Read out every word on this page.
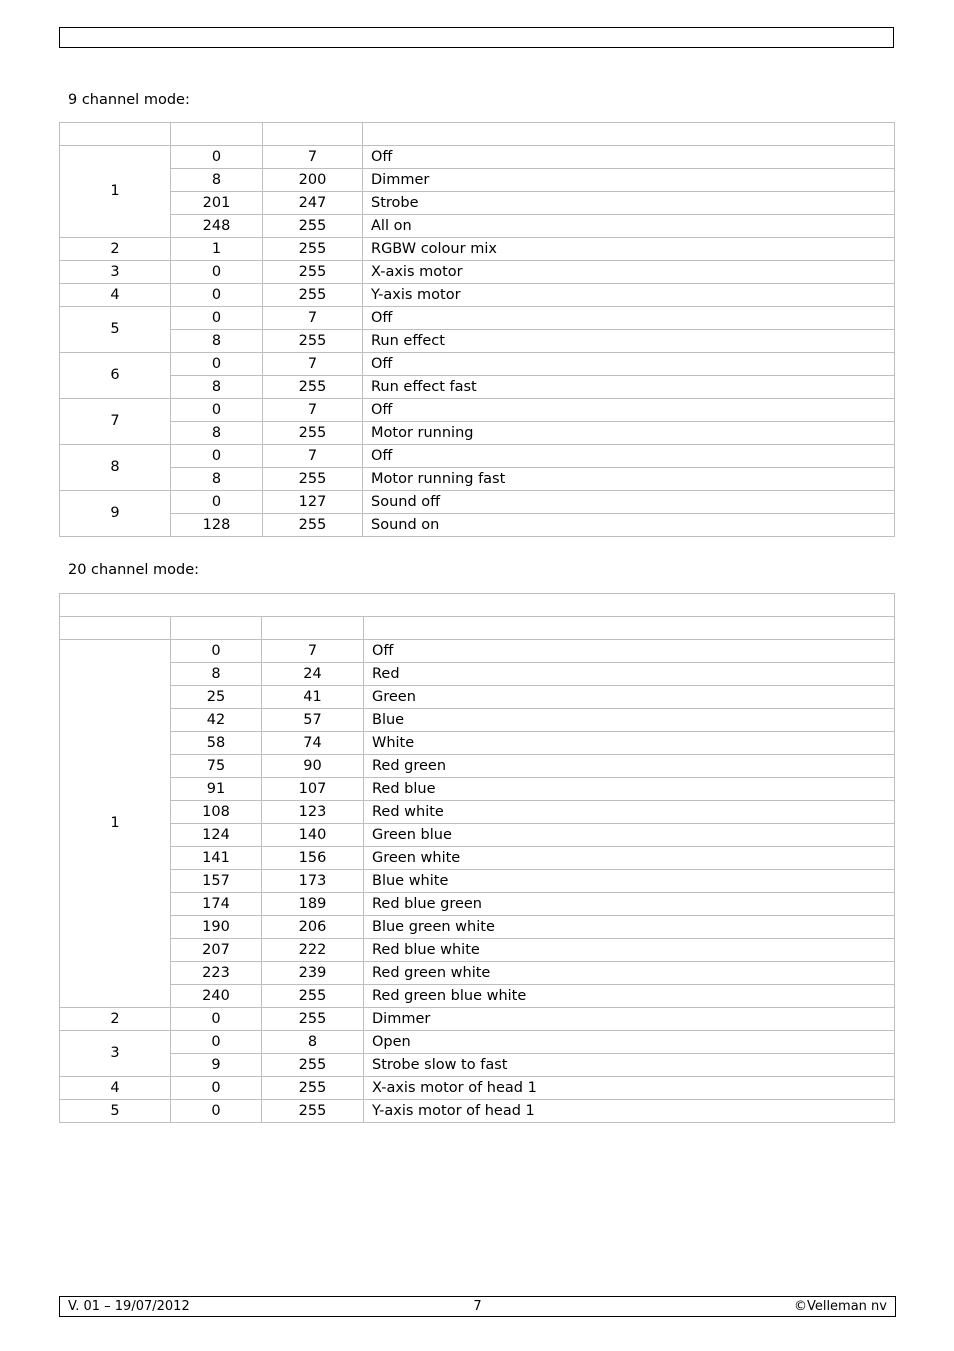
9 channel mode:

1	0	7	Off
	8	200	Dimmer
	201	247	Strobe
	248	255	All on
2	1	255	RGBW colour mix
3	0	255	X-axis motor
4	0	255	Y-axis motor
5	0	7	Off
	8	255	Run effect
6	0	7	Off
	8	255	Run effect fast
7	0	7	Off
	8	255	Motor running
8	0	7	Off
	8	255	Motor running fast
9	0	127	Sound off
	128	255	Sound on
20 channel mode:

1	0	7	Off
	8	24	Red
	25	41	Green
	42	57	Blue
	58	74	White
	75	90	Red green
	91	107	Red blue
	108	123	Red white
	124	140	Green blue
	141	156	Green white
	157	173	Blue white
	174	189	Red blue green
	190	206	Blue green white
	207	222	Red blue white
	223	239	Red green white
	240	255	Red green blue white
2	0	255	Dimmer
3	0	8	Open
	9	255	Strobe slow to fast
4	0	255	X-axis motor of head 1
5	0	255	Y-axis motor of head 1
V. 01 – 19/07/2012	7	©Velleman nv
